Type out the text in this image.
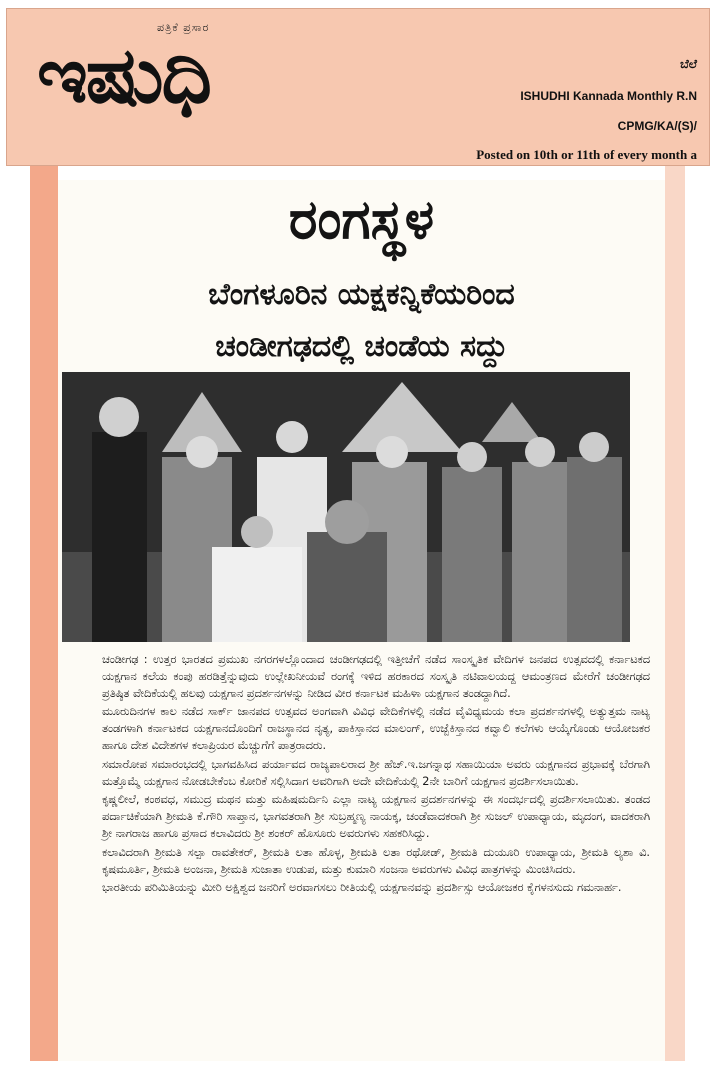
ಪತ್ರಿಕೆ ಪ್ರಸಾರ
ಇಷುಧಿ	ಬೆಲೆ
ISHUDHI Kannada Monthly R.N
CPMG/KA/(S)/
Posted on 10th or 11th of every month a
ರಂಗಸ್ಥಳ
ಬೆಂಗಳೂರಿನ ಯಕ್ಷಕನ್ನಿಕೆಯರಿಂದ
ಚಂಡೀಗಢದಲ್ಲಿ ಚಂಡೆಯ ಸದ್ದು

ಚಂಡೀಗಢ : ಉತ್ತರ ಭಾರತದ ಪ್ರಮುಖ ನಗರಗಳಲ್ಲೊಂದಾದ ಚಂಡೀಗಢದಲ್ಲಿ ಇತ್ತೀಚೆಗೆ ನಡೆದ ಸಾಂಸ್ಕೃತಿಕ ವೇದಿಗಳ ಜನಪದ ಉತ್ಸವದಲ್ಲಿ ಕರ್ನಾಟಕದ ಯಕ್ಷಗಾನ ಕಲೆಯ ಕಂಪು ಹರಡಿತ್ತೆನ್ನುವುದು ಉಲ್ಲೇಖನೀಯವೆ ರಂಗಕ್ಕೆ ಇಳಿದ ಹರಕಾರದ ಸಂಸ್ಕೃತಿ ನಟಿವಾಲಯದ್ದ ಆಮಂತ್ರಣದ ಮೇರೆಗೆ ಚಂಡೀಗಢದ ಪ್ರತಿಷ್ಠಿತ ವೇದಿಕೆಯಲ್ಲಿ ಹಲವು ಯಕ್ಷಗಾನ ಪ್ರದರ್ಶನಗಳನ್ನು ನೀಡಿದ ವೀರ ಕರ್ನಾಟಕ ಮಹಿಳಾ ಯಕ್ಷಗಾನ ತಂಡದ್ದಾಗಿದೆ.

ಮೂರುದಿನಗಳ ಕಾಲ ನಡೆದ ಸಾರ್ಕ್ ಜಾನಪದ ಉತ್ಸವದ ಅಂಗವಾಗಿ ವಿವಿಧ ವೇದಿಕೆಗಳಲ್ಲಿ ನಡೆದ ವೈವಿಧ್ಯಮಯ ಕಲಾ ಪ್ರದರ್ಶನಗಳಲ್ಲಿ ಅತ್ಯುತ್ತಮ ನಾಟ್ಯ ತಂಡಗಳಾಗಿ ಕರ್ನಾಟಕದ ಯಕ್ಷಗಾನದೊಂದಿಗೆ ರಾಜಸ್ಥಾನದ ನೃತ್ಯ, ಪಾಕಿಸ್ತಾನದ ಮಾಲಂಗ್, ಉಜ್ಬೆಕಿಸ್ತಾನದ ಕವ್ವಾಲಿ ಕಲೆಗಳು ಆಯ್ಕೆಗೊಂಡು ಆಯೋಜಕರ ಹಾಗೂ ದೇಶ ವಿದೇಶಗಳ ಕಲಾಪ್ರಿಯರ ಮೆಚ್ಚುಗೆಗೆ ಪಾತ್ರರಾದರು.

ಸಮಾರೋಪ ಸಮಾರಂಭದಲ್ಲಿ ಭಾಗವಹಿಸಿದ ಪರ್ಯಾವದ ರಾಜ್ಯಪಾಲರಾದ ಶ್ರೀ ಹೆಚ್.ಇ.ಜಗನ್ನಾಥ ಸಹಾಯಿಯಾ ಅವರು ಯಕ್ಷಗಾನದ ಪ್ರಭಾವಕ್ಕೆ ಬೆರಗಾಗಿ ಮತ್ತೊಮ್ಮೆ ಯಕ್ಷಗಾನ ನೋಡಬೇಕೆಂಬ ಕೋರಿಕೆ ಸಲ್ಲಿಸಿದಾಗ ಅವರಿಗಾಗಿ ಅದೇ ವೇದಿಕೆಯಲ್ಲಿ 2ನೇ ಬಾರಿಗೆ ಯಕ್ಷಗಾನ ಪ್ರದರ್ಶಿಸಲಾಯಿತು.

ಕೃಷ್ಣಲೀಲೆ, ಕಂಠವಧ, ಸಮುದ್ರ ಮಥನ ಮತ್ತು ಮಹಿಷಮರ್ದಿನಿ ಎಲ್ಲಾ ನಾಟ್ಯ ಯಕ್ಷಗಾನ ಪ್ರದರ್ಶನಗಳನ್ನು ಈ ಸಂದರ್ಭದಲ್ಲಿ ಪ್ರದರ್ಶಿಸಲಾಯಿತು. ತಂಡದ ಪರ್ದಾಚಿಕೆಯಾಗಿ ಶ್ರೀಮತಿ ಕೆ.ಗೌರಿ ಸಾಪ್ತಾನ, ಭಾಗವತರಾಗಿ ಶ್ರೀ ಸುಬ್ರಹ್ಮಣ್ಯ ನಾಯಕ್ಕ, ಚಂಡೆವಾದಕರಾಗಿ ಶ್ರೀ ಸುಜಲ್ ಉಪಾಧ್ಯಾಯ, ಮೃದಂಗ, ವಾದಕರಾಗಿ ಶ್ರೀ ನಾಗರಾಜ ಹಾಗೂ ಪ್ರಸಾದ ಕಲಾವಿದರು ಶ್ರೀ ಶಂಕರ್ ಹೊಸೂರು ಅವರುಗಳು ಸಹಕರಿಸಿದ್ದು.

ಕಲಾವಿದರಾಗಿ ಶ್ರೀಮತಿ ಸಲ್ಪಾ ರಾವತೇಕರ್, ಶ್ರೀಮತಿ ಲತಾ ಹೊಳ್ಳ, ಶ್ರೀಮತಿ ಲತಾ ರಥೋಡ್, ಶ್ರೀಮತಿ ದುಯೂರಿ ಉಪಾಧ್ಯಾಯ, ಶ್ರೀಮತಿ ಲ್ಯಶಾ ವಿ. ಕೃಷಮೂರ್ತಿ, ಶ್ರೀಮತಿ ಅಂಜನಾ, ಶ್ರೀಮತಿ ಸುಜಾತಾ ಉಡುಪ, ಮತ್ತು ಕುಮಾರಿ ಸಂಜನಾ ಅವರುಗಳು ವಿವಿಧ ಪಾತ್ರಗಳನ್ನು ಮಿಂಚಿಸಿದರು.

ಭಾರತೀಯ ಪರಿಮಿತಿಯನ್ನು ಮೀರಿ ಅಕ್ಷಿಶ್ವದ ಜನರಿಗೆ ಅರವಾಗಸಲು ರೀತಿಯಲ್ಲಿ ಯಕ್ಷಗಾನವನ್ನು ಪ್ರದರ್ಶಿಸ್ಸು ಆಯೋಜಕರ ಕೈಗಳನಸುದು ಗಮನಾರ್ಹ.
